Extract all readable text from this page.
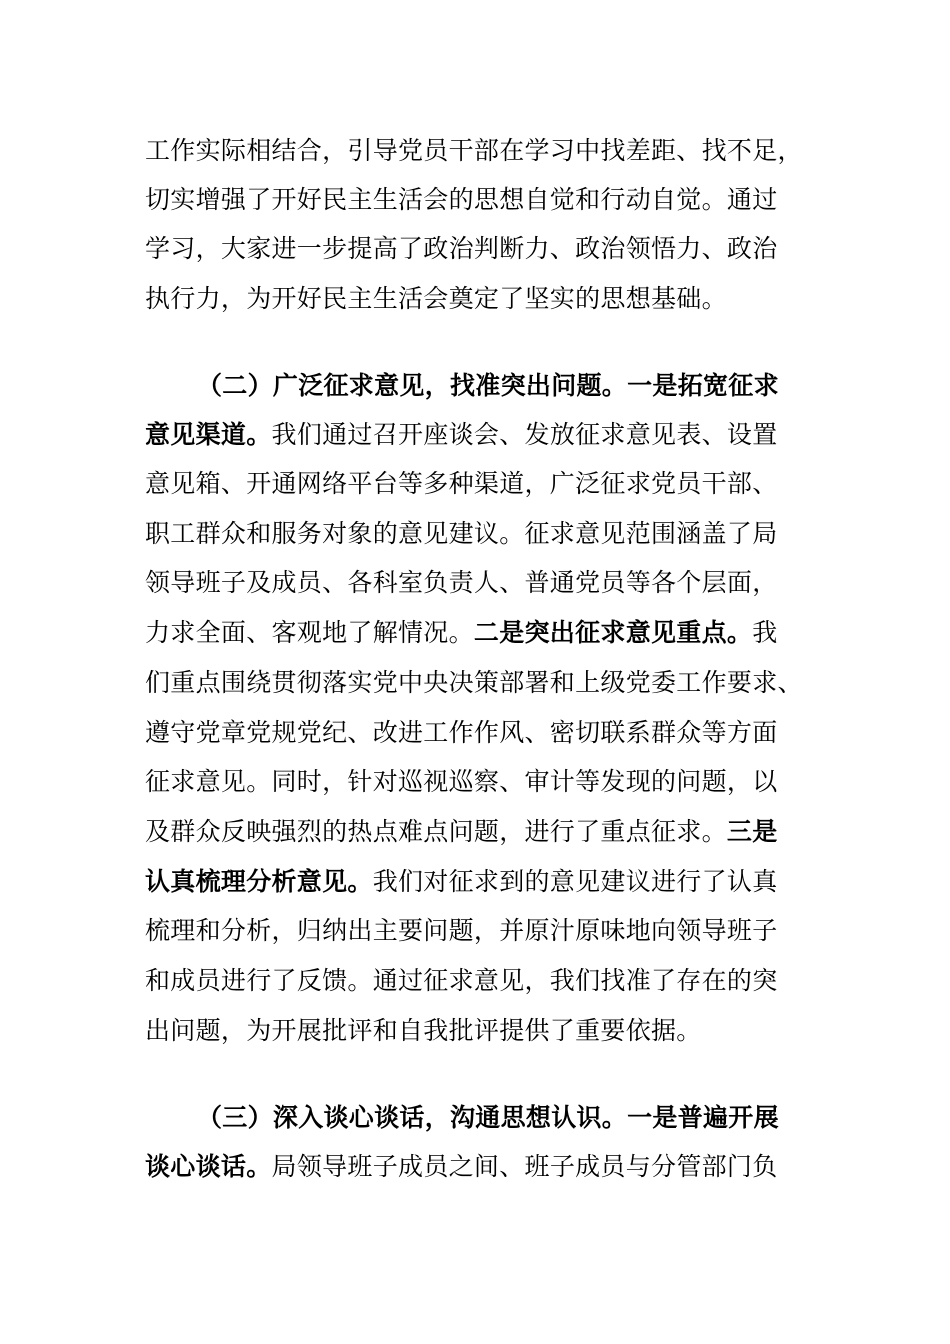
工作实际相结合，引导党员干部在学习中找差距、找不足，
切实增强了开好民主生活会的思想自觉和行动自觉。通过
学习，大家进一步提高了政治判断力、政治领悟力、政治
执行力，为开好民主生活会奠定了坚实的思想基础。
（二）广泛征求意见，找准突出问题。一是拓宽征求
意见渠道。我们通过召开座谈会、发放征求意见表、设置
意见箱、开通网络平台等多种渠道，广泛征求党员干部、
职工群众和服务对象的意见建议。征求意见范围涵盖了局
领导班子及成员、各科室负责人、普通党员等各个层面，
力求全面、客观地了解情况。二是突出征求意见重点。我
们重点围绕贯彻落实党中央决策部署和上级党委工作要求、
遵守党章党规党纪、改进工作作风、密切联系群众等方面
征求意见。同时，针对巡视巡察、审计等发现的问题，以
及群众反映强烈的热点难点问题，进行了重点征求。三是
认真梳理分析意见。我们对征求到的意见建议进行了认真
梳理和分析，归纳出主要问题，并原汁原味地向领导班子
和成员进行了反馈。通过征求意见，我们找准了存在的突
出问题，为开展批评和自我批评提供了重要依据。
（三）深入谈心谈话，沟通思想认识。一是普遍开展
谈心谈话。局领导班子成员之间、班子成员与分管部门负
